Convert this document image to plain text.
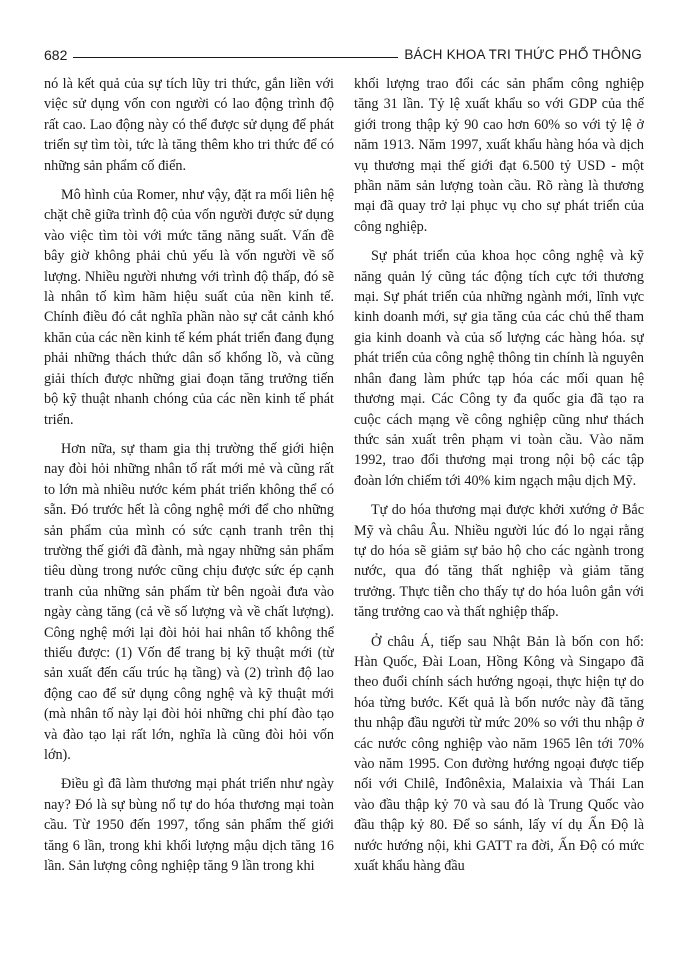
682	BÁCH KHOA TRI THỨC PHỔ THÔNG

nó là kết quả của sự tích lũy tri thức, gắn liền với việc sử dụng vốn con người có lao động trình độ rất cao. Lao động này có thể được sử dụng để phát triển sự tìm tòi, tức là tăng thêm kho tri thức để có những sản phẩm cố điển.

Mô hình của Romer, như vậy, đặt ra mối liên hệ chặt chẽ giữa trình độ của vốn người được sử dụng vào việc tìm tòi với mức tăng năng suất. Vấn đề bây giờ không phải chủ yếu là vốn người về số lượng. Nhiều người nhưng với trình độ thấp, đó sẽ là nhân tố kìm hãm hiệu suất của nền kinh tế. Chính điều đó cắt nghĩa phần nào sự cắt cảnh khó khăn của các nền kinh tế kém phát triển đang đụng phải những thách thức dân số khổng lồ, và cũng giải thích được những giai đoạn tăng trưởng tiến bộ kỹ thuật nhanh chóng của các nền kinh tế phát triển.

Hơn nữa, sự tham gia thị trường thế giới hiện nay đòi hỏi những nhân tố rất mới mẻ và cũng rất to lớn mà nhiều nước kém phát triển không thể có sẵn. Đó trước hết là công nghệ mới để cho những sản phẩm của mình có sức cạnh tranh trên thị trường thế giới đã đành, mà ngay những sản phẩm tiêu dùng trong nước cũng chịu được sức ép cạnh tranh của những sản phẩm từ bên ngoài đưa vào ngày càng tăng (cả về số lượng và về chất lượng). Công nghệ mới lại đòi hỏi hai nhân tố không thể thiếu được: (1) Vốn để trang bị kỹ thuật mới (từ sản xuất đến cấu trúc hạ tầng) và (2) trình độ lao động cao để sử dụng công nghệ và kỹ thuật mới (mà nhân tố này lại đòi hỏi những chi phí đào tạo và đào tạo lại rất lớn, nghĩa là cũng đòi hỏi vốn lớn).

Điều gì đã làm thương mại phát triển như ngày nay? Đó là sự bùng nổ tự do hóa thương mại toàn cầu. Từ 1950 đến 1997, tổng sản phẩm thế giới tăng 6 lần, trong khi khối lượng mậu dịch tăng 16 lần. Sản lượng công nghiệp tăng 9 lần trong khi

khối lượng trao đổi các sản phẩm công nghiệp tăng 31 lần. Tỷ lệ xuất khẩu so với GDP của thế giới trong thập kỷ 90 cao hơn 60% so với tỷ lệ ở năm 1913. Năm 1997, xuất khẩu hàng hóa và dịch vụ thương mại thế giới đạt 6.500 tỷ USD - một phần năm sản lượng toàn cầu. Rõ ràng là thương mại đã quay trở lại phục vụ cho sự phát triển của công nghiệp.

Sự phát triển của khoa học công nghệ và kỹ năng quản lý cũng tác động tích cực tới thương mại. Sự phát triển của những ngành mới, lĩnh vực kinh doanh mới, sự gia tăng của các chủ thể tham gia kinh doanh và của số lượng các hàng hóa. sự phát triển của công nghệ thông tin chính là nguyên nhân đang làm phức tạp hóa các mối quan hệ thương mại. Các Công ty đa quốc gia đã tạo ra cuộc cách mạng về công nghiệp cũng như thách thức sản xuất trên phạm vi toàn cầu. Vào năm 1992, trao đổi thương mại trong nội bộ các tập đoàn lớn chiếm tới 40% kim ngạch mậu dịch Mỹ.

Tự do hóa thương mại được khởi xướng ở Bắc Mỹ và châu Âu. Nhiều người lúc đó lo ngại rằng tự do hóa sẽ giảm sự bảo hộ cho các ngành trong nước, qua đó tăng thất nghiệp và giảm tăng trưởng. Thực tiễn cho thấy tự do hóa luôn gắn với tăng trưởng cao và thất nghiệp thấp.

Ở châu Á, tiếp sau Nhật Bản là bốn con hổ: Hàn Quốc, Đài Loan, Hồng Kông và Singapo đã theo đuổi chính sách hướng ngoại, thực hiện tự do hóa từng bước. Kết quả là bốn nước này đã tăng thu nhập đầu người từ mức 20% so với thu nhập ở các nước công nghiệp vào năm 1965 lên tới 70% vào năm 1995. Con đường hướng ngoại được tiếp nối với Chilê, Inđônêxia, Malaixia và Thái Lan vào đầu thập kỷ 70 và sau đó là Trung Quốc vào đầu thập kỷ 80. Để so sánh, lấy ví dụ Ấn Độ là nước hướng nội, khi GATT ra đời, Ấn Độ có mức xuất khẩu hàng đầu
